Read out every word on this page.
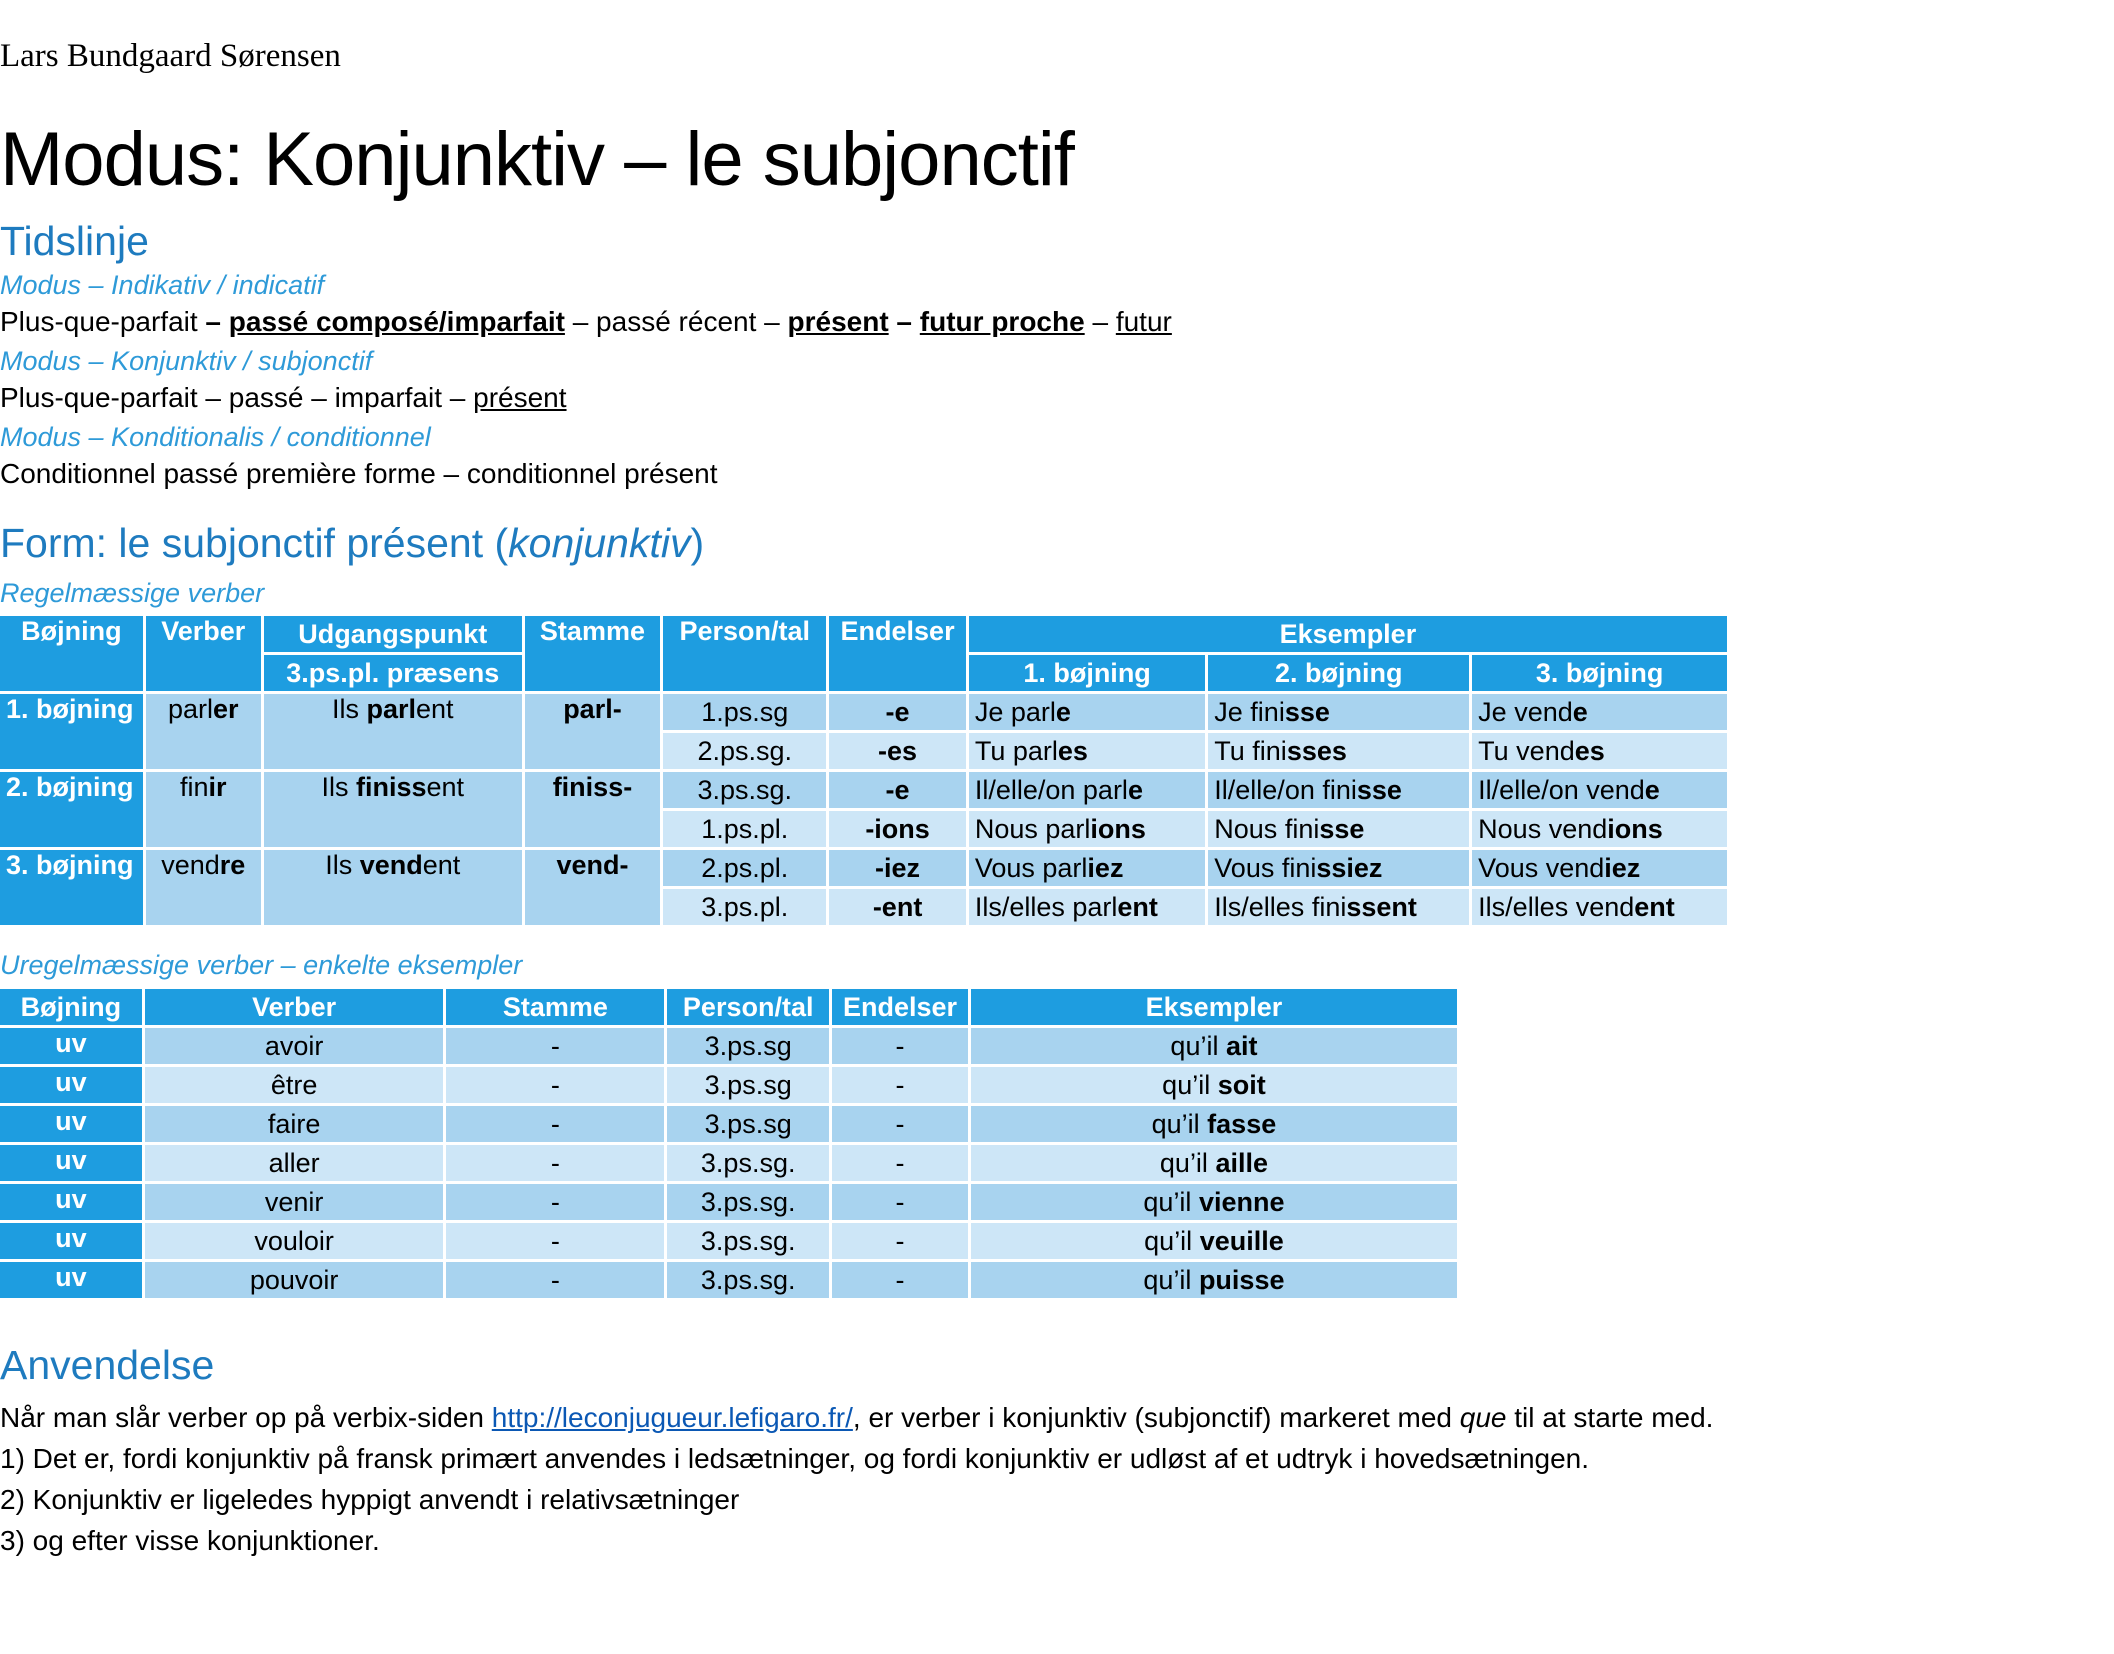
Lars Bundgaard Sørensen
Modus: Konjunktiv – le subjonctif
Tidslinje
Modus – Indikativ / indicatif
Plus-que-parfait – passé composé/imparfait – passé récent – présent – futur proche – futur
Modus – Konjunktiv / subjonctif
Plus-que-parfait – passé – imparfait – présent
Modus – Konditionalis / conditionnel
Conditionnel passé première forme – conditionnel présent
Form: le subjonctif présent (konjunktiv)
Regelmæssige verber
Bøjning	Verber	Udgangspunkt	Stamme	Person/tal	Endelser	Eksempler		
		3.ps.pl. præsens				1. bøjning	2. bøjning	3. bøjning
1. bøjning	parler	Ils parlent	parl-	1.ps.sg	-e	Je parle	Je finisse	Je vende
				2.ps.sg.	-es	Tu parles	Tu finisses	Tu vendes
2. bøjning	finir	Ils finissent	finiss-	3.ps.sg.	-e	Il/elle/on parle	Il/elle/on finisse	Il/elle/on vende
				1.ps.pl.	-ions	Nous parlions	Nous finisse	Nous vendions
3. bøjning	vendre	Ils vendent	vend-	2.ps.pl.	-iez	Vous parliez	Vous finissiez	Vous vendiez
				3.ps.pl.	-ent	Ils/elles parlent	Ils/elles finissent	Ils/elles vendent
Uregelmæssige verber – enkelte eksempler
Bøjning	Verber	Stamme	Person/tal	Endelser	Eksempler
uv	avoir	-	3.ps.sg	-	qu’il ait
uv	être	-	3.ps.sg	-	qu’il soit
uv	faire	-	3.ps.sg	-	qu’il fasse
uv	aller	-	3.ps.sg.	-	qu’il aille
uv	venir	-	3.ps.sg.	-	qu’il vienne
uv	vouloir	-	3.ps.sg.	-	qu’il veuille
uv	pouvoir	-	3.ps.sg.	-	qu’il puisse
Anvendelse
Når man slår verber op på verbix-siden http://leconjugueur.lefigaro.fr/, er verber i konjunktiv (subjonctif) markeret med que til at starte med.
1) Det er, fordi konjunktiv på fransk primært anvendes i ledsætninger, og fordi konjunktiv er udløst af et udtryk i hovedsætningen.
2) Konjunktiv er ligeledes hyppigt anvendt i relativsætninger
3) og efter visse konjunktioner.
